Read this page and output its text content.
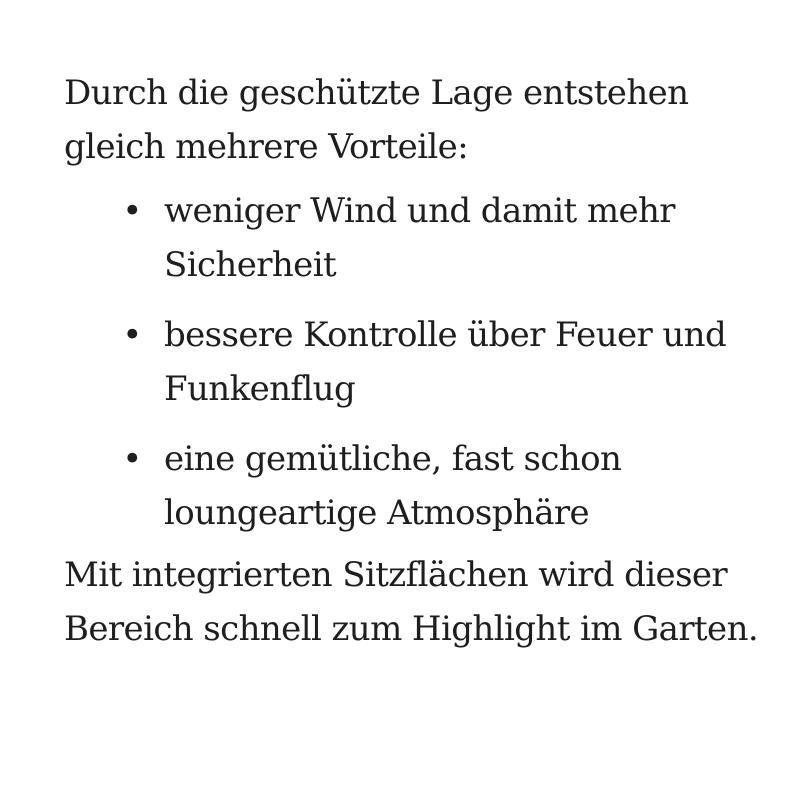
Durch die geschützte Lage entstehen gleich mehrere Vorteile:

• weniger Wind und damit mehr Sicherheit
• bessere Kontrolle über Feuer und Funkenflug
• eine gemütliche, fast schon loungeartige Atmosphäre

Mit integrierten Sitzflächen wird dieser Bereich schnell zum Highlight im Garten.
